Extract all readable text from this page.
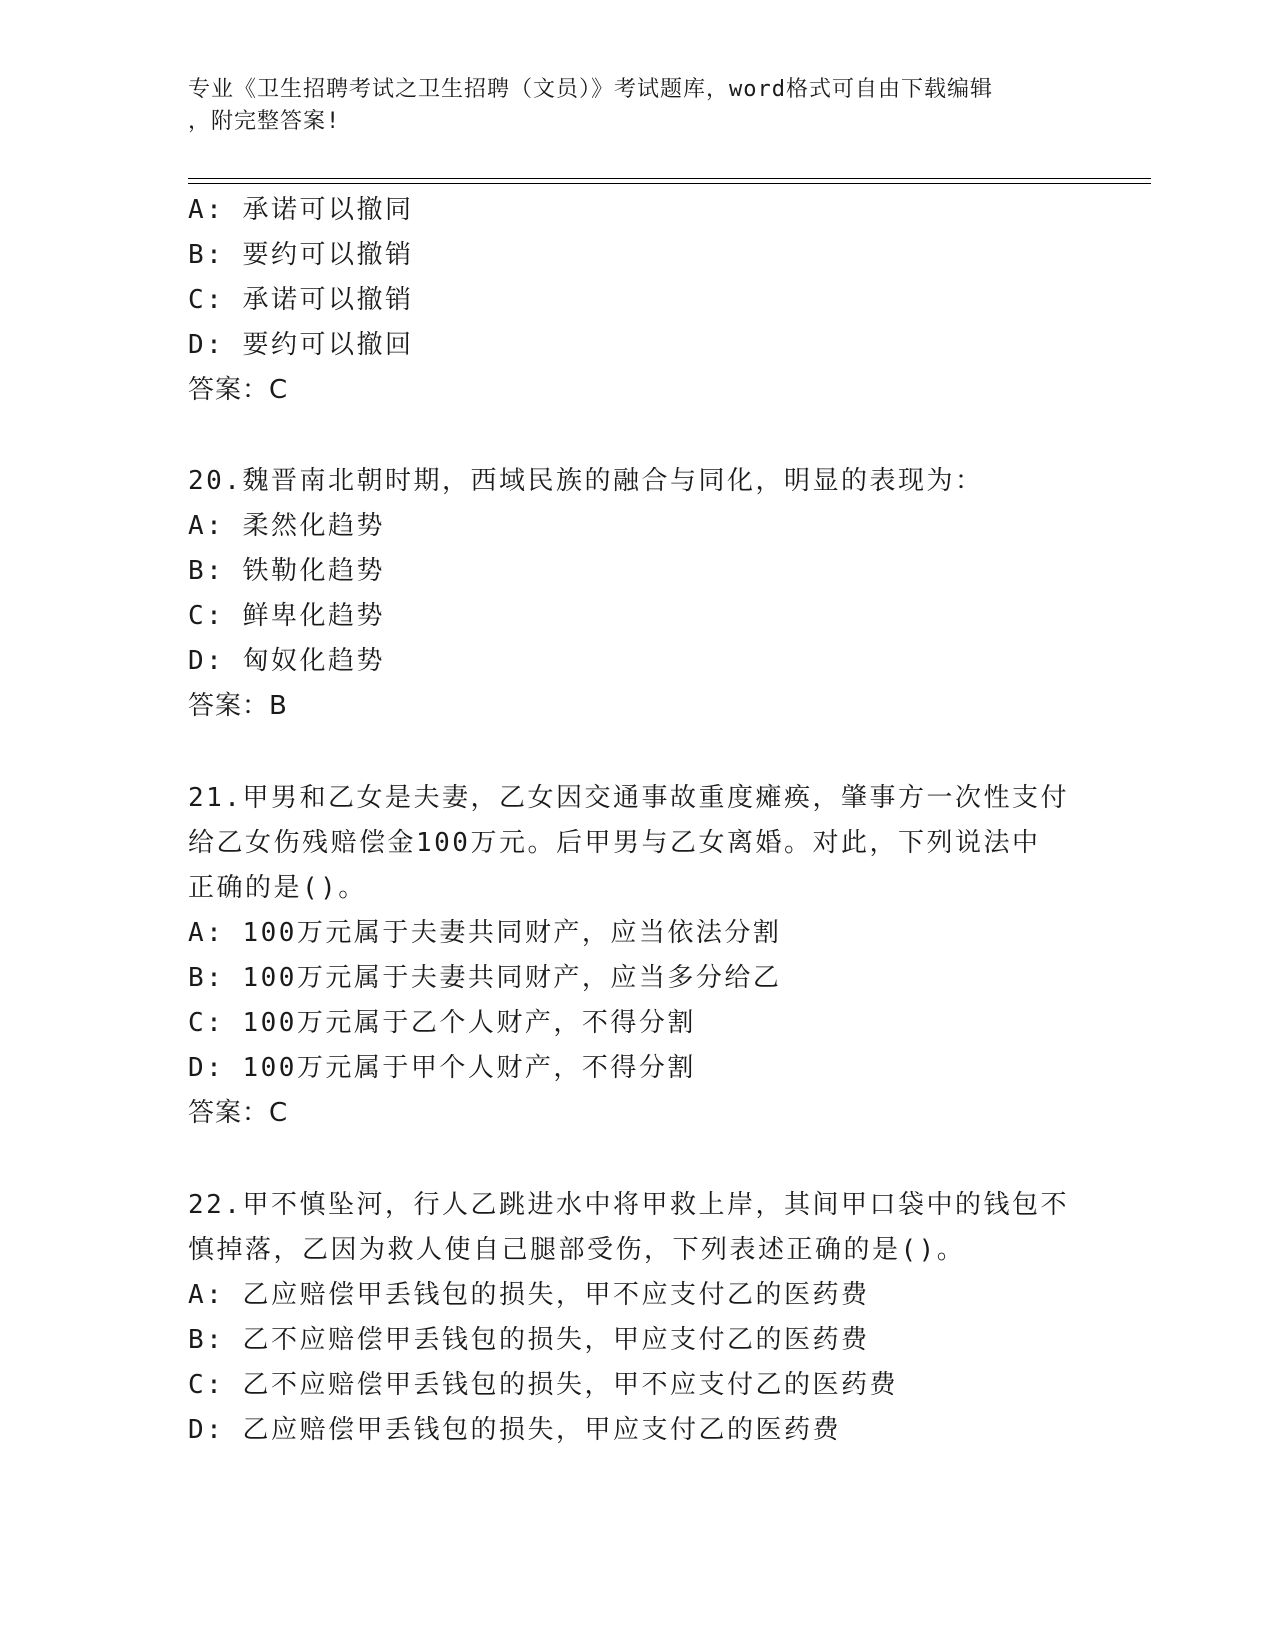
专业《卫生招聘考试之卫生招聘（文员）》考试题库，word格式可自由下载编辑
，附完整答案!
A: 承诺可以撤同
B: 要约可以撤销
C: 承诺可以撤销
D: 要约可以撤回
答案：C
20.魏晋南北朝时期，西域民族的融合与同化，明显的表现为：
A: 柔然化趋势
B: 铁勒化趋势
C: 鲜卑化趋势
D: 匈奴化趋势
答案：B
21.甲男和乙女是夫妻，乙女因交通事故重度瘫痪，肇事方一次性支付
给乙女伤残赔偿金100万元。后甲男与乙女离婚。对此，下列说法中
正确的是()。
A: 100万元属于夫妻共同财产，应当依法分割
B: 100万元属于夫妻共同财产，应当多分给乙
C: 100万元属于乙个人财产，不得分割
D: 100万元属于甲个人财产，不得分割
答案：C
22.甲不慎坠河，行人乙跳进水中将甲救上岸，其间甲口袋中的钱包不
慎掉落，乙因为救人使自己腿部受伤，下列表述正确的是()。
A: 乙应赔偿甲丢钱包的损失，甲不应支付乙的医药费
B: 乙不应赔偿甲丢钱包的损失，甲应支付乙的医药费
C: 乙不应赔偿甲丢钱包的损失，甲不应支付乙的医药费
D: 乙应赔偿甲丢钱包的损失，甲应支付乙的医药费
